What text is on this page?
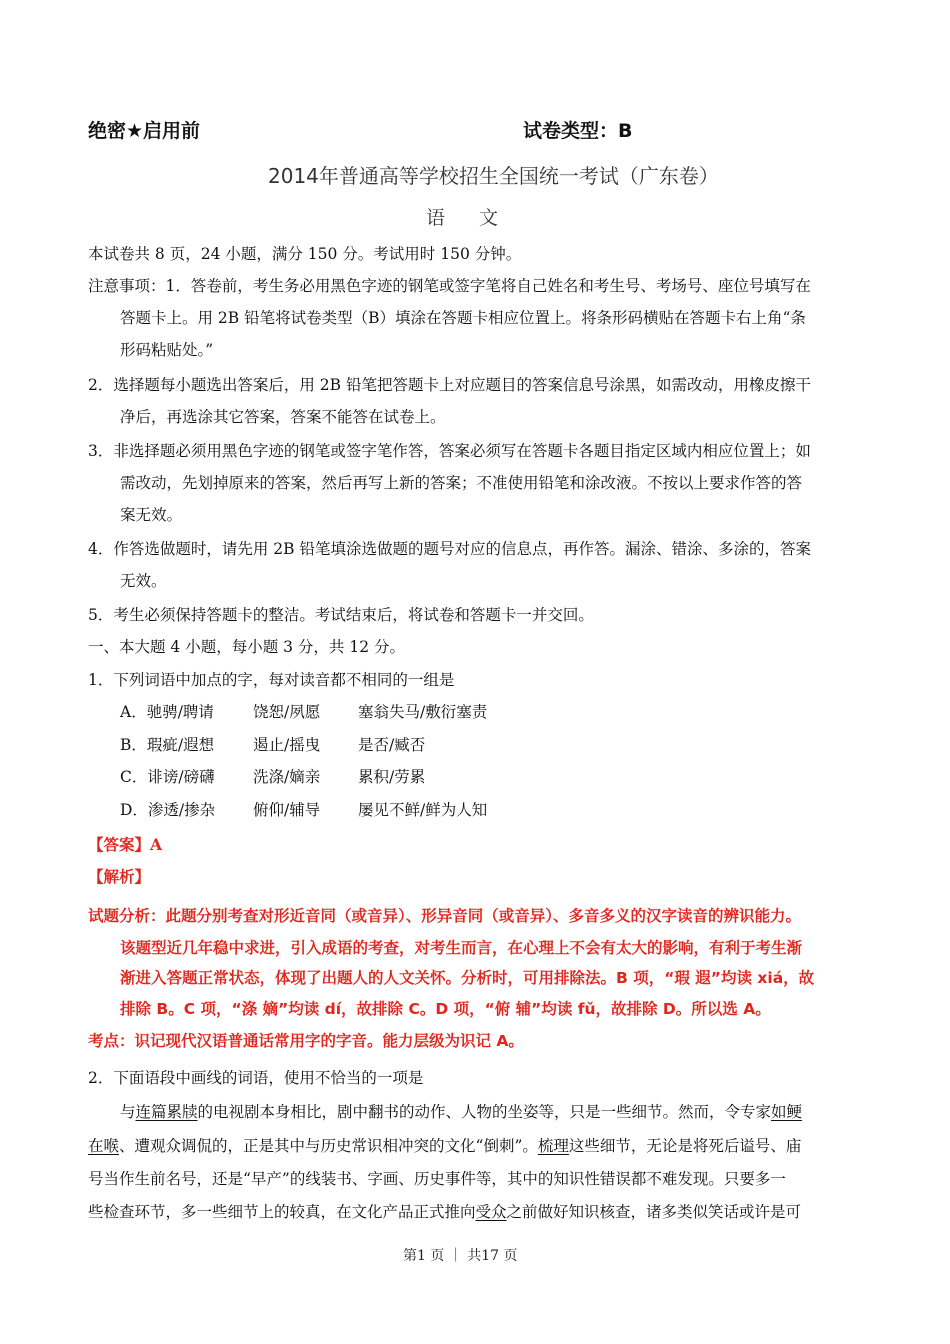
绝密★启用前	试卷类型：B
2014年普通高等学校招生全国统一考试（广东卷）
语文
本试卷共 8 页，24 小题，满分 150 分。考试用时 150 分钟。
注意事项：1．答卷前，考生务必用黑色字迹的钢笔或签字笔将自己姓名和考生号、考场号、座位号填写在
答题卡上。用 2B 铅笔将试卷类型（B）填涂在答题卡相应位置上。将条形码横贴在答题卡右上角“条
形码粘贴处。”
2．选择题每小题选出答案后，用 2B 铅笔把答题卡上对应题目的答案信息号涂黑，如需改动，用橡皮擦干
净后，再选涂其它答案，答案不能答在试卷上。
3．非选择题必须用黑色字迹的钢笔或签字笔作答，答案必须写在答题卡各题目指定区域内相应位置上；如
需改动，先划掉原来的答案，然后再写上新的答案；不准使用铅笔和涂改液。不按以上要求作答的答
案无效。
4．作答选做题时，请先用 2B 铅笔填涂选做题的题号对应的信息点，再作答。漏涂、错涂、多涂的，答案
无效。
5．考生必须保持答题卡的整洁。考试结束后，将试卷和答题卡一并交回。
一、本大题 4 小题，每小题 3 分，共 12 分。
1．下列词语中加点的字，每对读音都不相同的一组是
A．驰骋/聘请	饶恕/夙愿 塞翁失马/敷衍塞责
B．瑕疵/遐想	遏止/摇曳 是否/臧否
C．诽谤/磅礴 洗涤/嫡亲 累积/劳累
D．渗透/掺杂 俯仰/辅导 屡见不鲜/鲜为人知
【答案】A
【解析】
试题分析：此题分别考查对形近音同（或音异）、形异音同（或音异）、多音多义的汉字读音的辨识能力。
该题型近几年稳中求进，引入成语的考查，对考生而言，在心理上不会有太大的影响，有利于考生渐
渐进入答题正常状态，体现了出题人的人文关怀。分析时，可用排除法。B 项，“瑕 遐”均读 xiá，故
排除 B。C 项，“涤 嫡”均读 dí，故排除 C。D 项，“俯 辅”均读 fǔ，故排除 D。所以选 A。
考点：识记现代汉语普通话常用字的字音。能力层级为识记 A。
2．下面语段中画线的词语，使用不恰当的一项是
与连篇累牍的电视剧本身相比，剧中翻书的动作、人物的坐姿等，只是一些细节。然而，令专家如鲠
在喉、遭观众调侃的，正是其中与历史常识相冲突的文化“倒刺”。梳理这些细节，无论是将死后谥号、庙
号当作生前名号，还是“早产”的线装书、字画、历史事件等，其中的知识性错误都不难发现。只要多一
些检查环节，多一些细节上的较真，在文化产品正式推向受众之前做好知识核查，诸多类似笑话或许是可
第1 页 ｜ 共17 页
